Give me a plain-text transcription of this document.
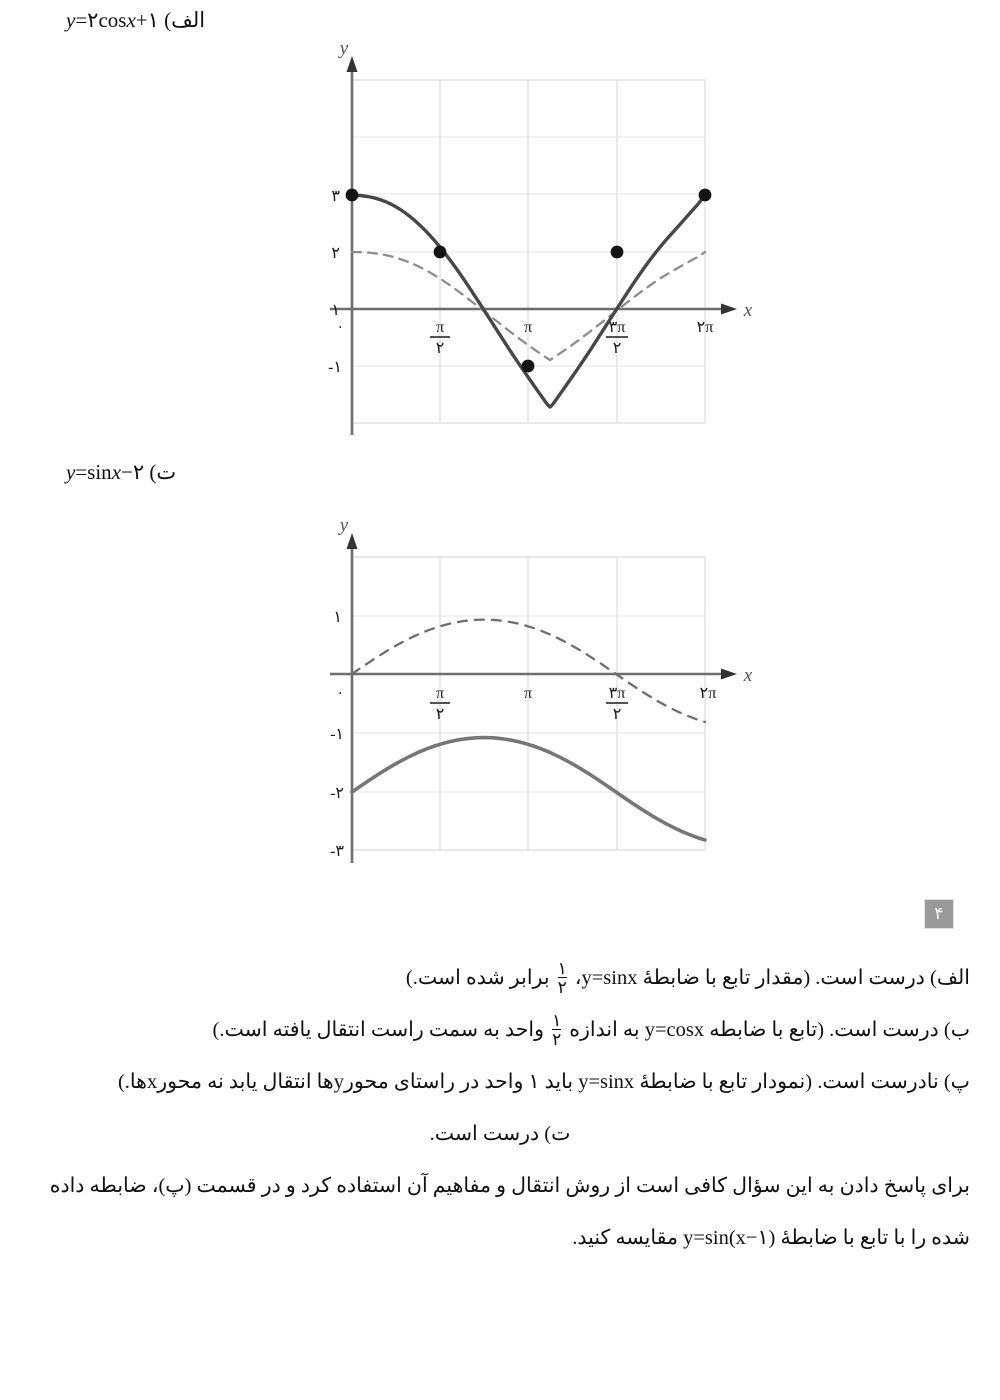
الف) y=۲cosx+۱
۳
۲
۱
۰
-۱
π
۲
π	۳π
۲
۲π
y
x
ت) y=sinx−۲
۱
۰
-۱
-۲
-۳
π
۲
π	۳π
۲
۲π
y
x
۴

الف) درست است. (مقدار تابع با ضابطهٔ y=sinx،
$\frac{۱}{۲}$
برابر شده است.)

ب) درست است. (تابع با ضابطه y=cosx به اندازه
$\frac{۱}{۲}$
واحد به سمت راست انتقال یافته است.)

پ) نادرست است. (نمودار تابع با ضابطهٔ y=sinx باید ۱ واحد در راستای محورy‌ها انتقال یابد نه محورx‌ها.)

ت) درست است.

برای پاسخ دادن به این سؤال کافی است از روش انتقال و مفاهیم آن استفاده کرد و در قسمت (پ)، ضابطه داده

شده را با تابع با ضابطهٔ y=sin(x−۱) مقایسه کنید.
